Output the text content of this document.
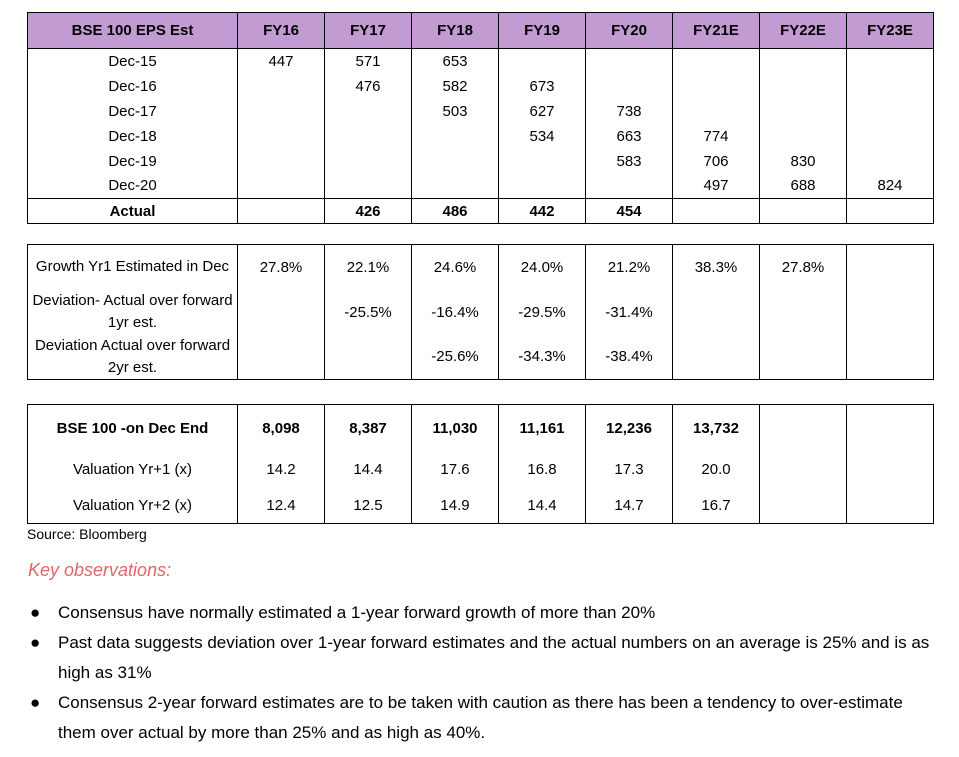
BSE 100 EPS Est	FY16	FY17	FY18	FY19	FY20	FY21E	FY22E	FY23E
Dec-15	447	571	653					
Dec-16		476	582	673				
Dec-17			503	627	738			
Dec-18				534	663	774		
Dec-19					583	706	830	
Dec-20						497	688	824
Actual		426	486	442	454			
Growth Yr1 Estimated in Dec	27.8%	22.1%	24.6%	24.0%	21.2%	38.3%	27.8%	
Deviation- Actual over forward 1yr est.		-25.5%	-16.4%	-29.5%	-31.4%			
Deviation Actual over forward 2yr est.			-25.6%	-34.3%	-38.4%			
BSE 100 -on Dec End	8,098	8,387	11,030	11,161	12,236	13,732		
Valuation Yr+1 (x)	14.2	14.4	17.6	16.8	17.3	20.0		
Valuation Yr+2 (x)	12.4	12.5	14.9	14.4	14.7	16.7		
Source: Bloomberg
Key observations:
● Consensus have normally estimated a 1-year forward growth of more than 20%
● Past data suggests deviation over 1-year forward estimates and the actual numbers on an average is 25% and is as high as 31%
● Consensus 2-year forward estimates are to be taken with caution as there has been a tendency to over-estimate them over actual by more than 25% and as high as 40%.
